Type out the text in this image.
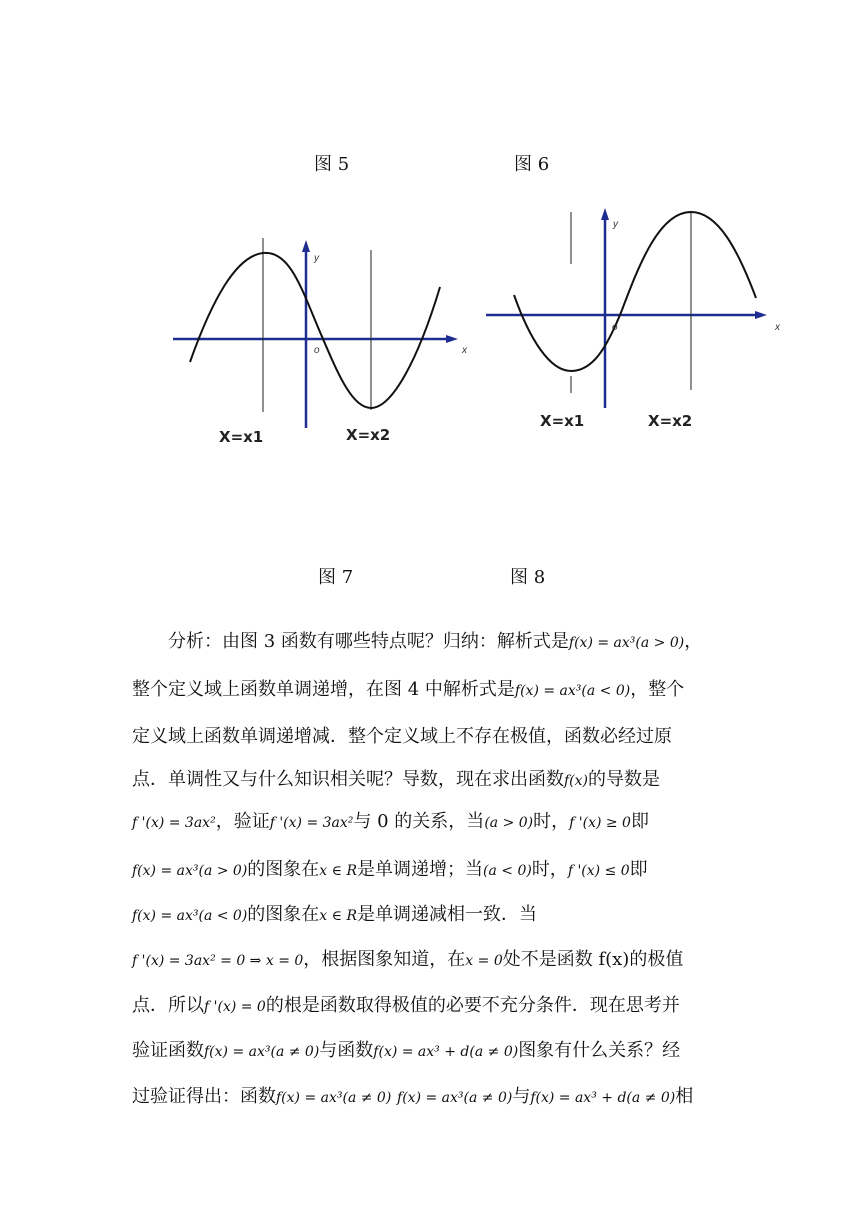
图 5	图 6
图 7	图 8
y
o	x
X=x1	X=x2
y
o	x
X=x1	X=x2
分析：由图 3 函数有哪些特点呢？归纳：解析式是f(x) = ax³(a > 0)，
整个定义域上函数单调递增，在图 4 中解析式是f(x) = ax³(a < 0)，整个
定义域上函数单调递增减．整个定义域上不存在极值，函数必经过原
点．单调性又与什么知识相关呢？导数，现在求出函数f(x)的导数是
f '(x) = 3ax²，验证f '(x) = 3ax²与 0 的关系，当(a > 0)时，f '(x) ≥ 0即
f(x) = ax³(a > 0)的图象在x ∈ R是单调递增；当(a < 0)时，f '(x) ≤ 0即
f(x) = ax³(a < 0)的图象在x ∈ R是单调递减相一致．当
f '(x) = 3ax² = 0 ⇒ x = 0，根据图象知道，在x = 0处不是函数 f(x)的极值
点．所以f '(x) = 0的根是函数取得极值的必要不充分条件．现在思考并
验证函数f(x) = ax³(a ≠ 0)与函数f(x) = ax³ + d(a ≠ 0)图象有什么关系？经
过验证得出：函数f(x) = ax³(a ≠ 0) f(x) = ax³(a ≠ 0)与f(x) = ax³ + d(a ≠ 0)相
